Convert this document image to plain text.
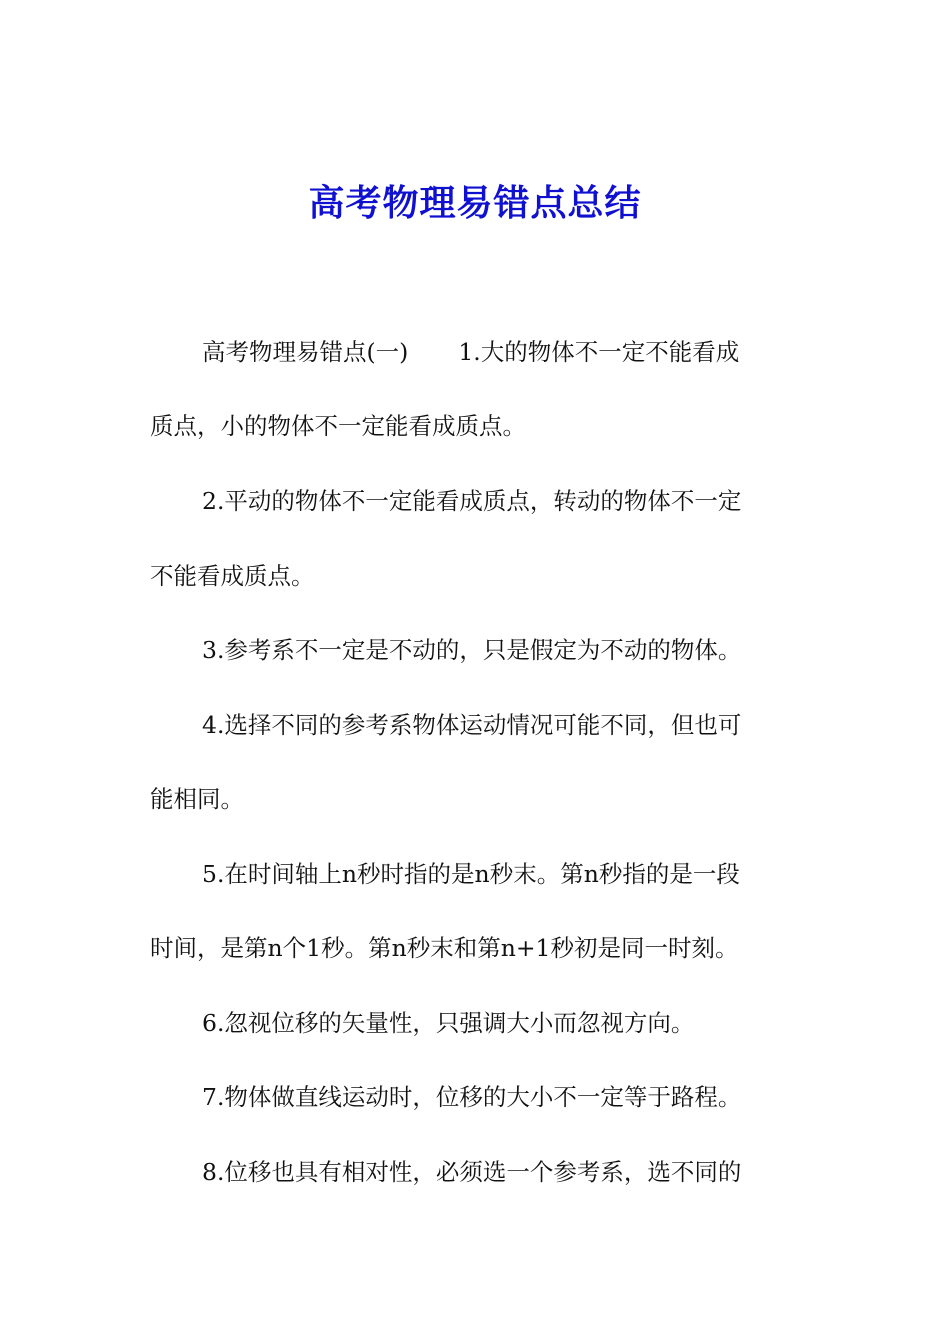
高考物理易错点总结
高考物理易错点(一) 1.大的物体不一定不能看成
质点，小的物体不一定能看成质点。
2.平动的物体不一定能看成质点，转动的物体不一定
不能看成质点。
3.参考系不一定是不动的，只是假定为不动的物体。
4.选择不同的参考系物体运动情况可能不同，但也可
能相同。
5.在时间轴上n秒时指的是n秒末。第n秒指的是一段
时间，是第n个1秒。第n秒末和第n+1秒初是同一时刻。
6.忽视位移的矢量性，只强调大小而忽视方向。
7.物体做直线运动时，位移的大小不一定等于路程。
8.位移也具有相对性，必须选一个参考系，选不同的
